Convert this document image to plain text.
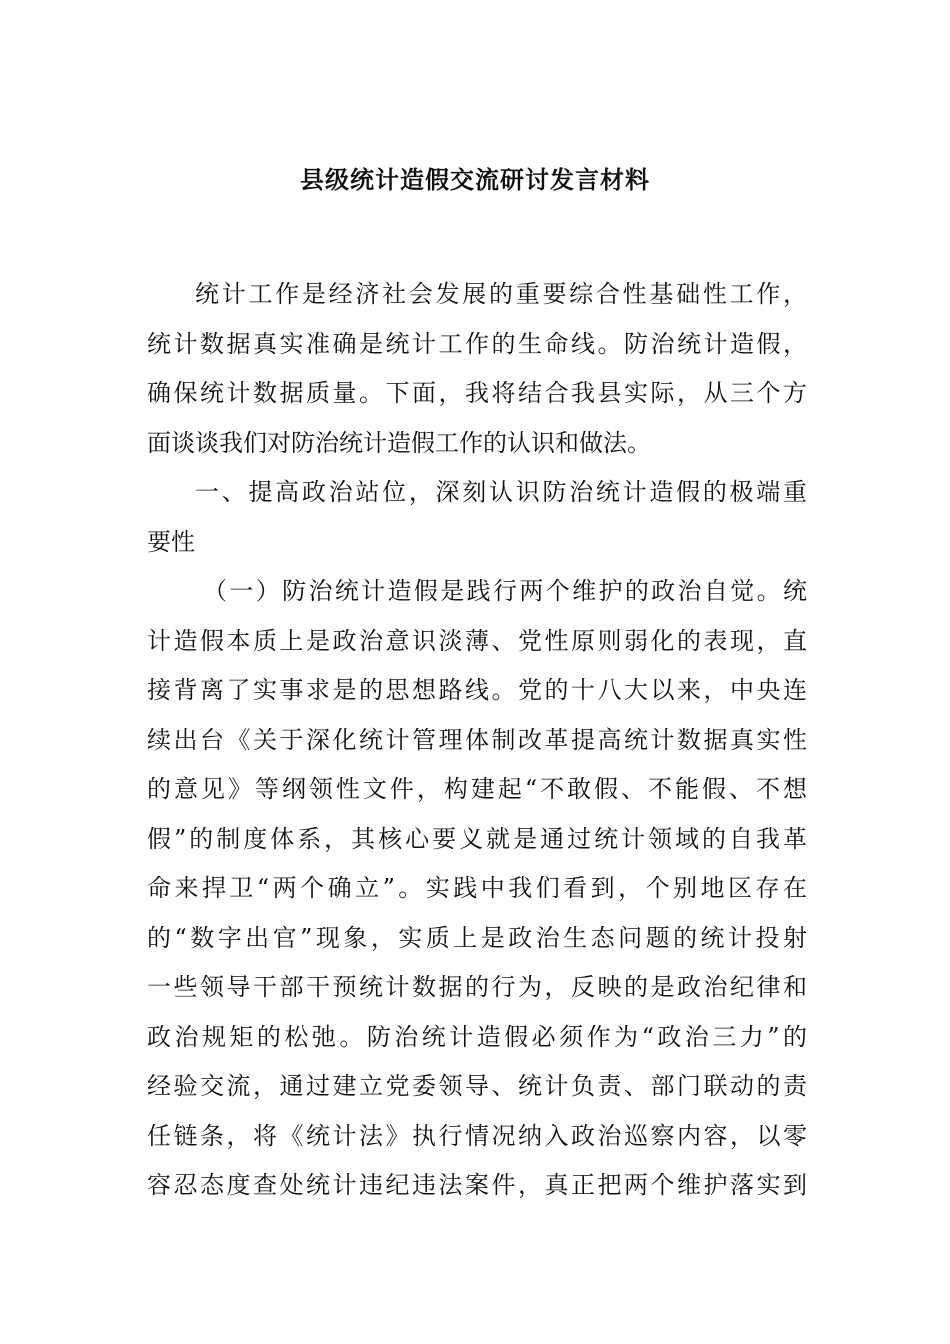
县级统计造假交流研讨发言材料
统计工作是经济社会发展的重要综合性基础性工作，
统计数据真实准确是统计工作的生命线。防治统计造假，
确保统计数据质量。下面，我将结合我县实际，从三个方
面谈谈我们对防治统计造假工作的认识和做法。
一、提高政治站位，深刻认识防治统计造假的极端重
要性
（一）防治统计造假是践行两个维护的政治自觉。统
计造假本质上是政治意识淡薄、党性原则弱化的表现，直
接背离了实事求是的思想路线。党的十八大以来，中央连
续出台《关于深化统计管理体制改革提高统计数据真实性
的意见》等纲领性文件，构建起“不敢假、不能假、不想
假”的制度体系，其核心要义就是通过统计领域的自我革
命来捍卫“两个确立”。实践中我们看到，个别地区存在
的“数字出官”现象，实质上是政治生态问题的统计投射
一些领导干部干预统计数据的行为，反映的是政治纪律和
政治规矩的松弛。防治统计造假必须作为“政治三力”的
经验交流，通过建立党委领导、统计负责、部门联动的责
任链条，将《统计法》执行情况纳入政治巡察内容，以零
容忍态度查处统计违纪违法案件，真正把两个维护落实到
